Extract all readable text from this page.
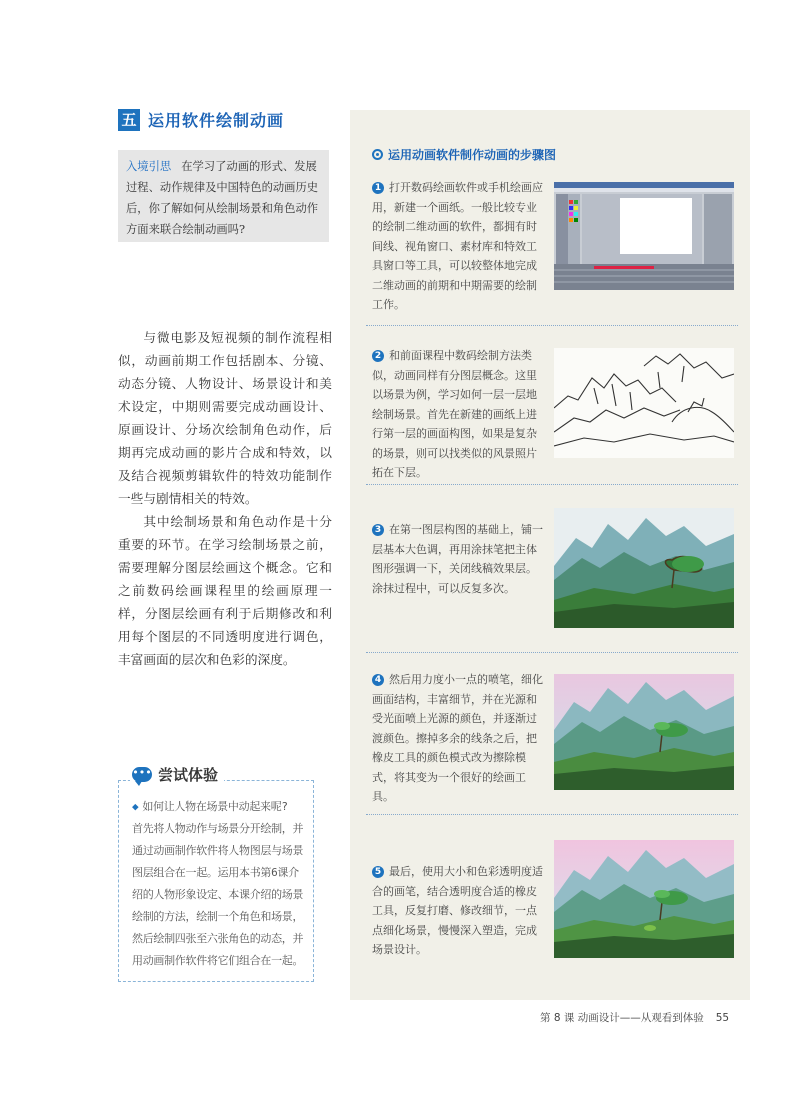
五 运用软件绘制动画
入境引思 在学习了动画的形式、发展过程、动作规律及中国特色的动画历史后，你了解如何从绘制场景和角色动作方面来联合绘制动画吗?

与微电影及短视频的制作流程相似，动画前期工作包括剧本、分镜、动态分镜、人物设计、场景设计和美术设定，中期则需要完成动画设计、原画设计、分场次绘制角色动作，后期再完成动画的影片合成和特效，以及结合视频剪辑软件的特效功能制作一些与剧情相关的特效。

其中绘制场景和角色动作是十分重要的环节。在学习绘制场景之前，需要理解分图层绘画这个概念。它和之前数码绘画课程里的绘画原理一样，分图层绘画有利于后期修改和利用每个图层的不同透明度进行调色，丰富画面的层次和色彩的深度。

••• 尝试体验
◆ 如何让人物在场景中动起来呢? 首先将人物动作与场景分开绘制，并通过动画制作软件将人物图层与场景图层组合在一起。运用本书第6课介绍的人物形象设定、本课介绍的场景绘制的方法，绘制一个角色和场景，然后绘制四张至六张角色的动态，并用动画制作软件将它们组合在一起。
运用动画软件制作动画的步骤图
1 打开数码绘画软件或手机绘画应用，新建一个画纸。一般比较专业的绘制二维动画的软件，都拥有时间线、视角窗口、素材库和特效工具窗口等工具，可以较整体地完成二维动画的前期和中期需要的绘制工作。
2 和前面课程中数码绘制方法类似，动画同样有分图层概念。这里以场景为例，学习如何一层一层地绘制场景。首先在新建的画纸上进行第一层的画面构图，如果是复杂的场景，则可以找类似的风景照片拓在下层。
3 在第一图层构图的基础上，铺一层基本大色调，再用涂抹笔把主体图形强调一下，关闭线稿效果层。涂抹过程中，可以反复多次。
4 然后用力度小一点的喷笔，细化画面结构，丰富细节，并在光源和受光面喷上光源的颜色，并逐渐过渡颜色。擦掉多余的线条之后，把橡皮工具的颜色模式改为擦除模式，将其变为一个很好的绘画工具。
5 最后，使用大小和色彩透明度适合的画笔，结合透明度合适的橡皮工具，反复打磨、修改细节，一点点细化场景，慢慢深入塑造，完成场景设计。
第 8 课 动画设计——从观看到体验 55
